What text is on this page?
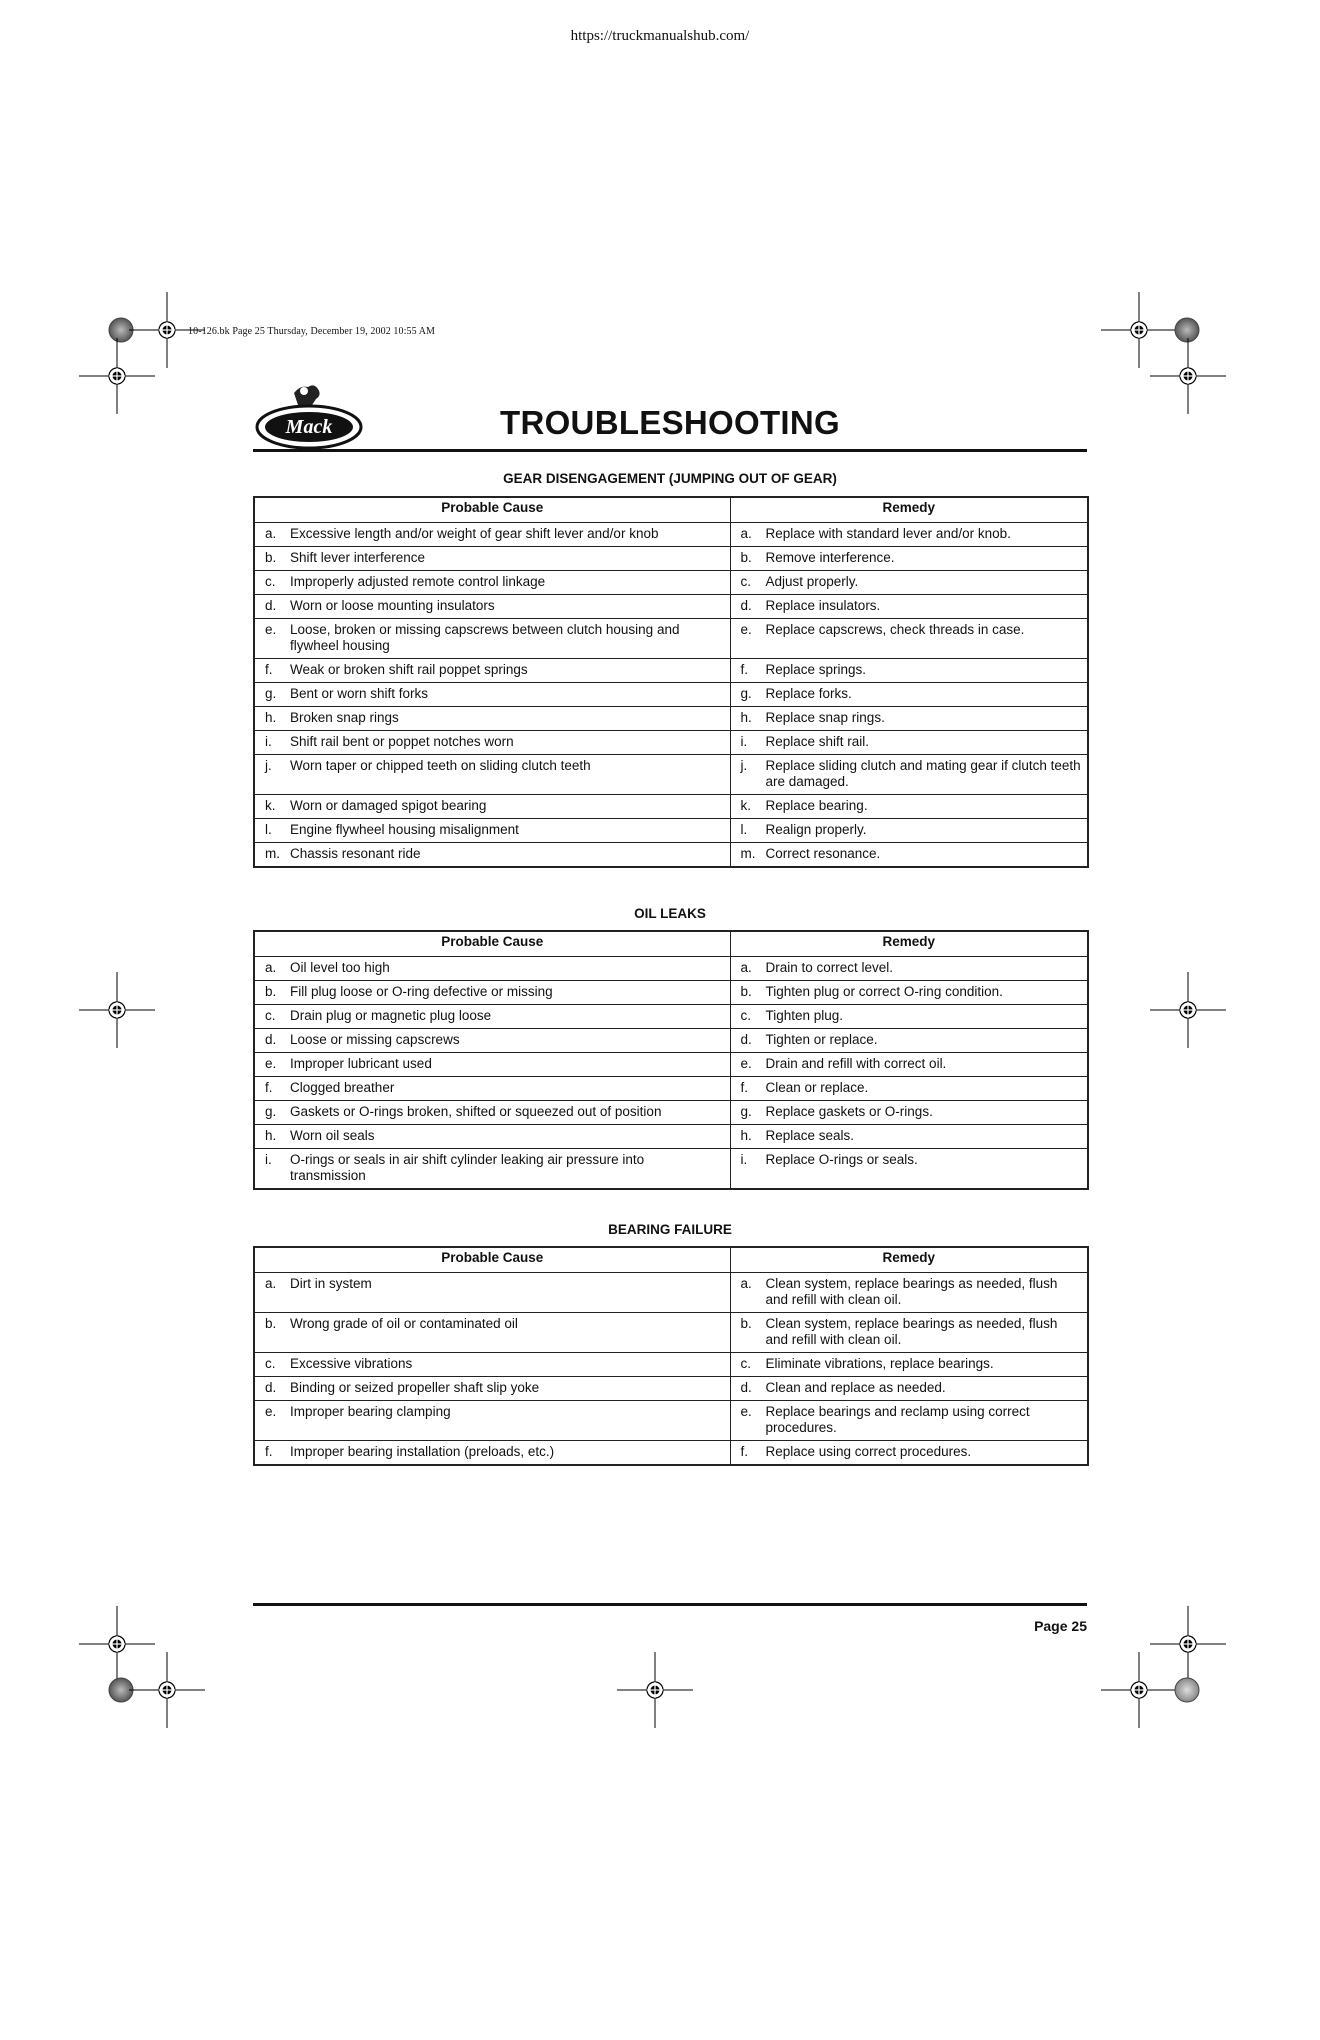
https://truckmanualshub.com/
10-126.bk Page 25 Thursday, December 19, 2002 10:55 AM
Mack	TROUBLESHOOTING
GEAR DISENGAGEMENT (JUMPING OUT OF GEAR)
Probable Cause	Remedy

a. Excessive length and/or weight of gear shift lever and/or knob	a. Replace with standard lever and/or knob.

b. Shift lever interference	b. Remove interference.

c. Improperly adjusted remote control linkage	c. Adjust properly.

d. Worn or loose mounting insulators	d. Replace insulators.

e. Loose, broken or missing capscrews between clutch housing and flywheel housing	e. Replace capscrews, check threads in case.

f. Weak or broken shift rail poppet springs	f. Replace springs.

g. Bent or worn shift forks	g. Replace forks.

h. Broken snap rings	h. Replace snap rings.

i. Shift rail bent or poppet notches worn	i. Replace shift rail.

j. Worn taper or chipped teeth on sliding clutch teeth	j. Replace sliding clutch and mating gear if clutch teeth are damaged.

k. Worn or damaged spigot bearing	k. Replace bearing.

l. Engine flywheel housing misalignment	l. Realign properly.

m. Chassis resonant ride	m. Correct resonance.
OIL LEAKS
Probable Cause	Remedy

a. Oil level too high	a. Drain to correct level.

b. Fill plug loose or O-ring defective or missing	b. Tighten plug or correct O-ring condition.

c. Drain plug or magnetic plug loose	c. Tighten plug.

d. Loose or missing capscrews	d. Tighten or replace.

e. Improper lubricant used	e. Drain and refill with correct oil.

f. Clogged breather	f. Clean or replace.

g. Gaskets or O-rings broken, shifted or squeezed out of position	g. Replace gaskets or O-rings.

h. Worn oil seals	h. Replace seals.

i. O-rings or seals in air shift cylinder leaking air pressure into transmission	i. Replace O-rings or seals.
BEARING FAILURE
Probable Cause	Remedy

a. Dirt in system	a. Clean system, replace bearings as needed, flush and refill with clean oil.

b. Wrong grade of oil or contaminated oil	b. Clean system, replace bearings as needed, flush and refill with clean oil.

c. Excessive vibrations	c. Eliminate vibrations, replace bearings.

d. Binding or seized propeller shaft slip yoke	d. Clean and replace as needed.

e. Improper bearing clamping	e. Replace bearings and reclamp using correct procedures.

f. Improper bearing installation (preloads, etc.)	f. Replace using correct procedures.
Page 25
